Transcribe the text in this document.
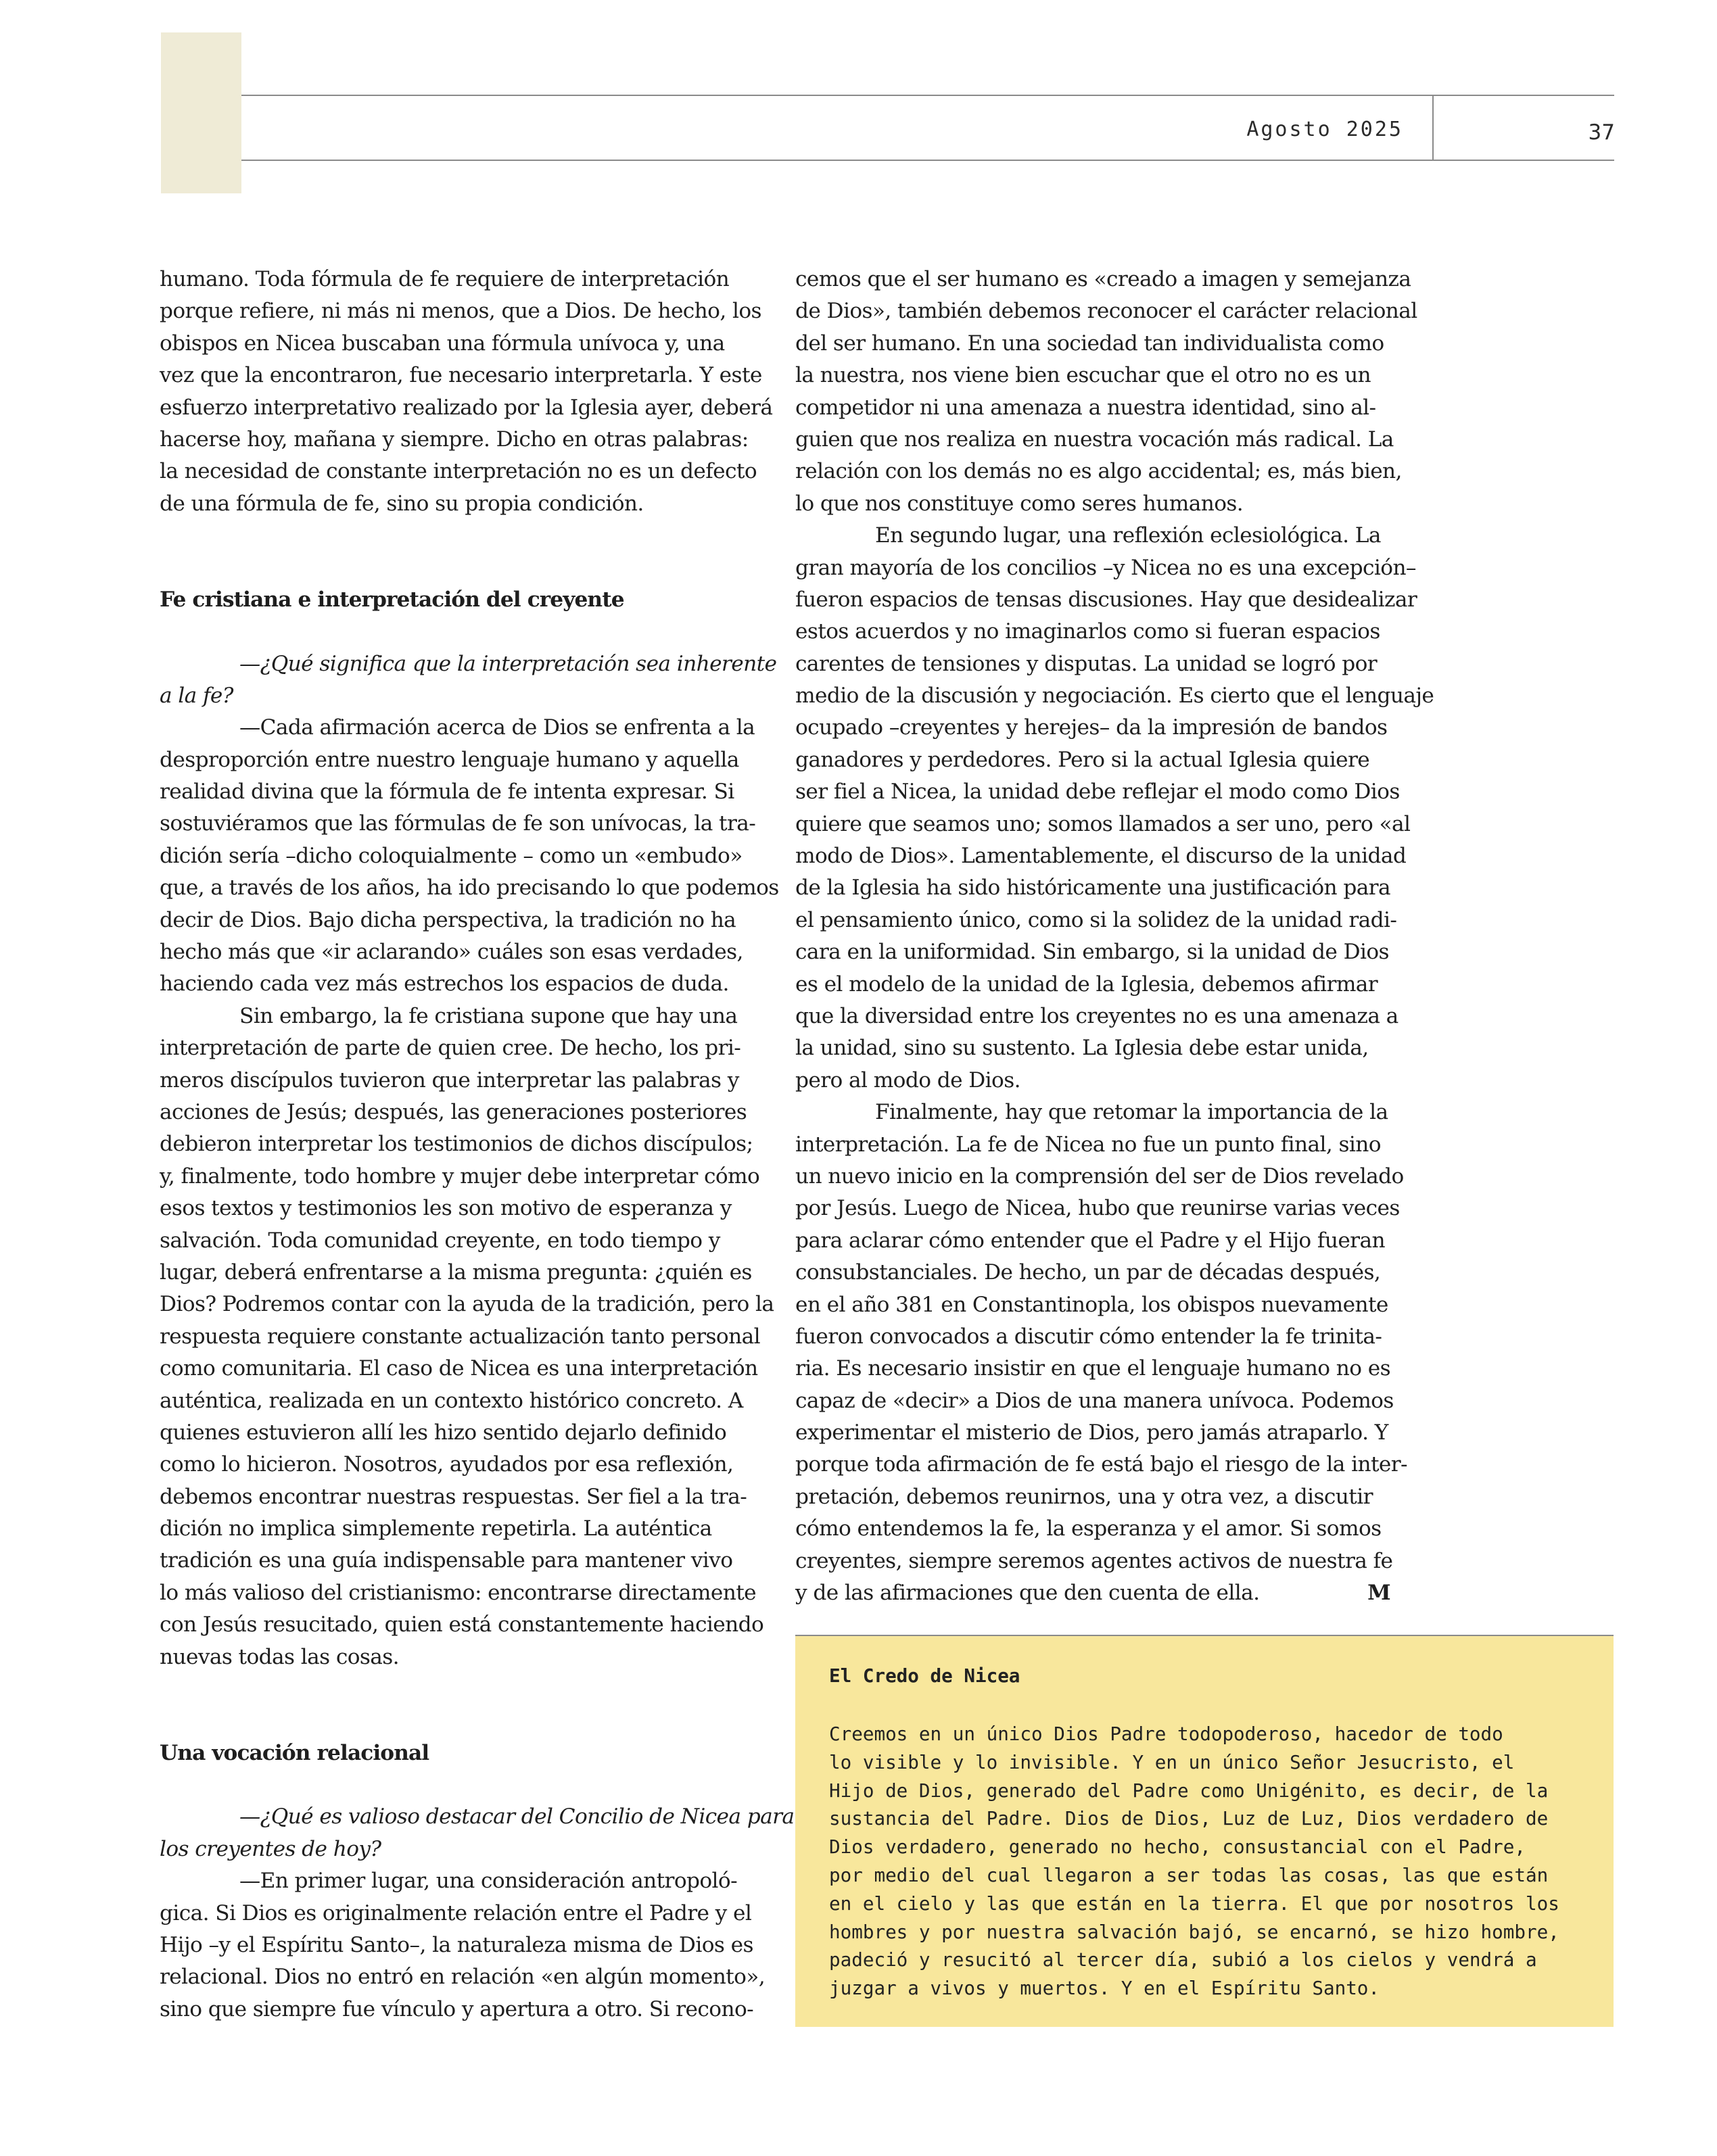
Agosto 2025	37
humano. Toda fórmula de fe requiere de interpretación
porque refiere, ni más ni menos, que a Dios. De hecho, los
obispos en Nicea buscaban una fórmula unívoca y, una
vez que la encontraron, fue necesario interpretarla. Y este
esfuerzo interpretativo realizado por la Iglesia ayer, deberá
hacerse hoy, mañana y siempre. Dicho en otras palabras:
la necesidad de constante interpretación no es un defecto
de una fórmula de fe, sino su propia condición.
Fe cristiana e interpretación del creyente
—¿Qué significa que la interpretación sea inherente
a la fe?
—Cada afirmación acerca de Dios se enfrenta a la
desproporción entre nuestro lenguaje humano y aquella
realidad divina que la fórmula de fe intenta expresar. Si
sostuviéramos que las fórmulas de fe son unívocas, la tra-
dición sería –dicho coloquialmente – como un «embudo»
que, a través de los años, ha ido precisando lo que podemos
decir de Dios. Bajo dicha perspectiva, la tradición no ha
hecho más que «ir aclarando» cuáles son esas verdades,
haciendo cada vez más estrechos los espacios de duda.
Sin embargo, la fe cristiana supone que hay una
interpretación de parte de quien cree. De hecho, los pri-
meros discípulos tuvieron que interpretar las palabras y
acciones de Jesús; después, las generaciones posteriores
debieron interpretar los testimonios de dichos discípulos;
y, finalmente, todo hombre y mujer debe interpretar cómo
esos textos y testimonios les son motivo de esperanza y
salvación. Toda comunidad creyente, en todo tiempo y
lugar, deberá enfrentarse a la misma pregunta: ¿quién es
Dios? Podremos contar con la ayuda de la tradición, pero la
respuesta requiere constante actualización tanto personal
como comunitaria. El caso de Nicea es una interpretación
auténtica, realizada en un contexto histórico concreto. A
quienes estuvieron allí les hizo sentido dejarlo definido
como lo hicieron. Nosotros, ayudados por esa reflexión,
debemos encontrar nuestras respuestas. Ser fiel a la tra-
dición no implica simplemente repetirla. La auténtica
tradición es una guía indispensable para mantener vivo
lo más valioso del cristianismo: encontrarse directamente
con Jesús resucitado, quien está constantemente haciendo
nuevas todas las cosas.
Una vocación relacional
—¿Qué es valioso destacar del Concilio de Nicea para
los creyentes de hoy?
—En primer lugar, una consideración antropoló-
gica. Si Dios es originalmente relación entre el Padre y el
Hijo –y el Espíritu Santo–, la naturaleza misma de Dios es
relacional. Dios no entró en relación «en algún momento»,
sino que siempre fue vínculo y apertura a otro. Si recono-
cemos que el ser humano es «creado a imagen y semejanza
de Dios», también debemos reconocer el carácter relacional
del ser humano. En una sociedad tan individualista como
la nuestra, nos viene bien escuchar que el otro no es un
competidor ni una amenaza a nuestra identidad, sino al-
guien que nos realiza en nuestra vocación más radical. La
relación con los demás no es algo accidental; es, más bien,
lo que nos constituye como seres humanos.
En segundo lugar, una reflexión eclesiológica. La
gran mayoría de los concilios –y Nicea no es una excepción–
fueron espacios de tensas discusiones. Hay que desidealizar
estos acuerdos y no imaginarlos como si fueran espacios
carentes de tensiones y disputas. La unidad se logró por
medio de la discusión y negociación. Es cierto que el lenguaje
ocupado –creyentes y herejes– da la impresión de bandos
ganadores y perdedores. Pero si la actual Iglesia quiere
ser fiel a Nicea, la unidad debe reflejar el modo como Dios
quiere que seamos uno; somos llamados a ser uno, pero «al
modo de Dios». Lamentablemente, el discurso de la unidad
de la Iglesia ha sido históricamente una justificación para
el pensamiento único, como si la solidez de la unidad radi-
cara en la uniformidad. Sin embargo, si la unidad de Dios
es el modelo de la unidad de la Iglesia, debemos afirmar
que la diversidad entre los creyentes no es una amenaza a
la unidad, sino su sustento. La Iglesia debe estar unida,
pero al modo de Dios.
Finalmente, hay que retomar la importancia de la
interpretación. La fe de Nicea no fue un punto final, sino
un nuevo inicio en la comprensión del ser de Dios revelado
por Jesús. Luego de Nicea, hubo que reunirse varias veces
para aclarar cómo entender que el Padre y el Hijo fueran
consubstanciales. De hecho, un par de décadas después,
en el año 381 en Constantinopla, los obispos nuevamente
fueron convocados a discutir cómo entender la fe trinita-
ria. Es necesario insistir en que el lenguaje humano no es
capaz de «decir» a Dios de una manera unívoca. Podemos
experimentar el misterio de Dios, pero jamás atraparlo. Y
porque toda afirmación de fe está bajo el riesgo de la inter-
pretación, debemos reunirnos, una y otra vez, a discutir
cómo entendemos la fe, la esperanza y el amor. Si somos
creyentes, siempre seremos agentes activos de nuestra fe
y de las afirmaciones que den cuenta de ella.	M
El Credo de Nicea
Creemos en un único Dios Padre todopoderoso, hacedor de todo
lo visible y lo invisible. Y en un único Señor Jesucristo, el
Hijo de Dios, generado del Padre como Unigénito, es decir, de la
sustancia del Padre. Dios de Dios, Luz de Luz, Dios verdadero de
Dios verdadero, generado no hecho, consustancial con el Padre,
por medio del cual llegaron a ser todas las cosas, las que están
en el cielo y las que están en la tierra. El que por nosotros los
hombres y por nuestra salvación bajó, se encarnó, se hizo hombre,
padeció y resucitó al tercer día, subió a los cielos y vendrá a
juzgar a vivos y muertos. Y en el Espíritu Santo.
